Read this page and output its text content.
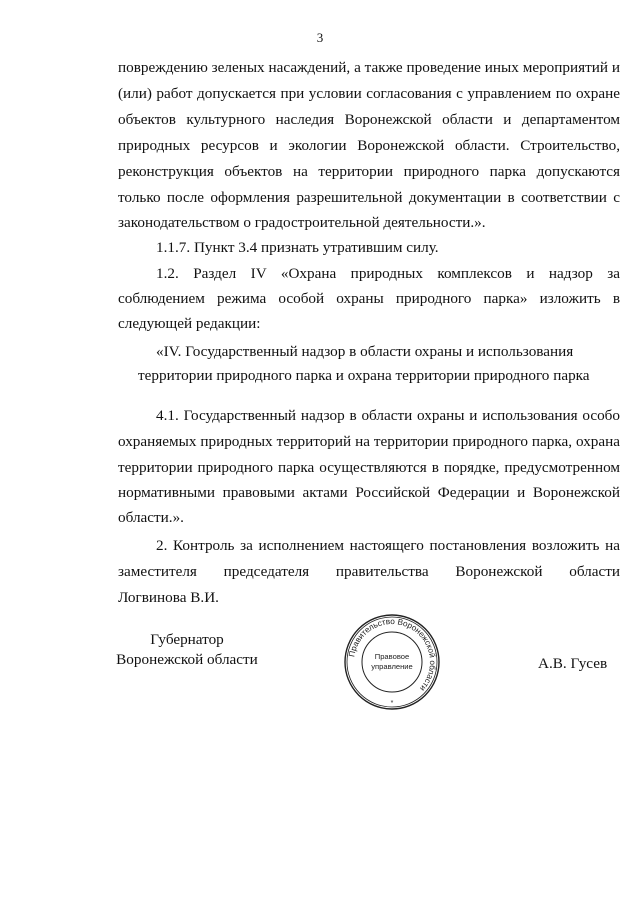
3
повреждению зеленых насаждений, а также проведение иных мероприятий и
(или) работ допускается при условии согласования с управлением по охране
объектов культурного наследия Воронежской области и департаментом
природных ресурсов и экологии Воронежской области. Строительство,
реконструкция объектов на территории природного парка допускаются
только после оформления разрешительной документации в соответствии с
законодательством о градостроительной деятельности.».
1.1.7. Пункт 3.4 признать утратившим силу.
1.2. Раздел IV «Охрана природных комплексов и надзор за
соблюдением режима особой охраны природного парка» изложить в
следующей редакции:
«IV. Государственный надзор в области охраны и использования
территории природного парка и охрана территории природного парка
4.1. Государственный надзор в области охраны и использования особо
охраняемых природных территорий на территории природного парка, охрана
территории природного парка осуществляются в порядке, предусмотренном
нормативными правовыми актами Российской Федерации и Воронежской
области.».
2. Контроль за исполнением настоящего постановления возложить на
заместителя председателя правительства Воронежской области
Логвинова В.И.
Губернатор
Воронежской области	Правительство Воронежской области
Правовое
управление
*
А.В. Гусев
